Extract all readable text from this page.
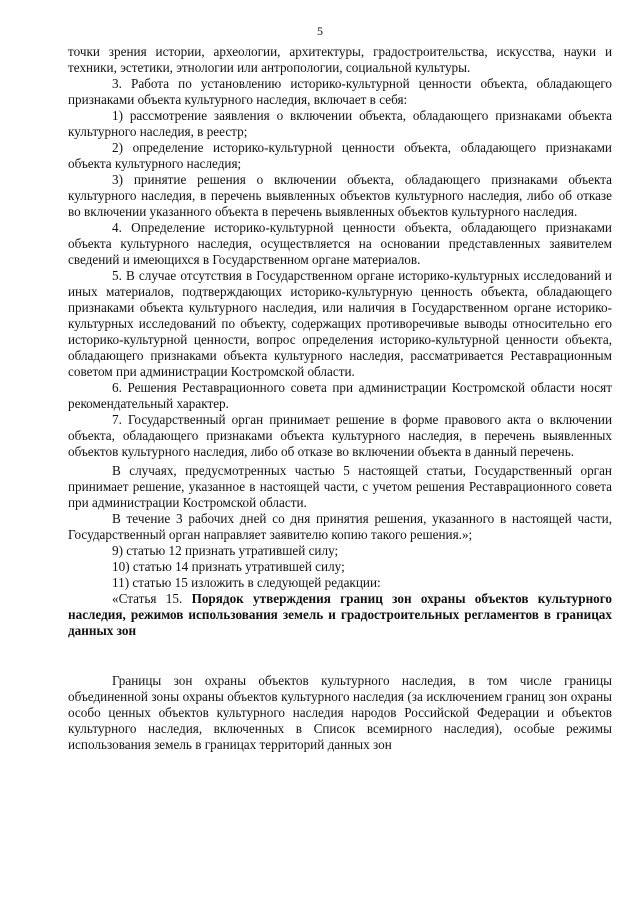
5

точки зрения истории, археологии, архитектуры, градостроительства, искусства, науки и техники, эстетики, этнологии или антропологии, социальной культуры.

3. Работа по установлению историко-культурной ценности объекта, обладающего признаками объекта культурного наследия, включает в себя:

1) рассмотрение заявления о включении объекта, обладающего признаками объекта культурного наследия, в реестр;

2) определение историко-культурной ценности объекта, обладающего признаками объекта культурного наследия;

3) принятие решения о включении объекта, обладающего признаками объекта культурного наследия, в перечень выявленных объектов культурного наследия, либо об отказе во включении указанного объекта в перечень выявленных объектов культурного наследия.

4. Определение историко-культурной ценности объекта, обладающего признаками объекта культурного наследия, осуществляется на основании представленных заявителем сведений и имеющихся в Государственном органе материалов.

5. В случае отсутствия в Государственном органе историко-культурных исследований и иных материалов, подтверждающих историко-культурную ценность объекта, обладающего признаками объекта культурного наследия, или наличия в Государственном органе историко-культурных исследований по объекту, содержащих противоречивые выводы относительно его историко-культурной ценности, вопрос определения историко-культурной ценности объекта, обладающего признаками объекта культурного наследия, рассматривается Реставрационным советом при администрации Костромской области.

6. Решения Реставрационного совета при администрации Костромской области носят рекомендательный характер.

7. Государственный орган принимает решение в форме правового акта о включении объекта, обладающего признаками объекта культурного наследия, в перечень выявленных объектов культурного наследия, либо об отказе во включении объекта в данный перечень.

В случаях, предусмотренных частью 5 настоящей статьи, Государственный орган принимает решение, указанное в настоящей части, с учетом решения Реставрационного совета при администрации Костромской области.

В течение 3 рабочих дней со дня принятия решения, указанного в настоящей части, Государственный орган направляет заявителю копию такого решения.»;

9) статью 12 признать утратившей силу;

10) статью 14 признать утратившей силу;

11) статью 15 изложить в следующей редакции:

«Статья 15. Порядок утверждения границ зон охраны объектов культурного наследия, режимов использования земель и градостроительных регламентов в границах данных зон

Границы зон охраны объектов культурного наследия, в том числе границы объединенной зоны охраны объектов культурного наследия (за исключением границ зон охраны особо ценных объектов культурного наследия народов Российской Федерации и объектов культурного наследия, включенных в Список всемирного наследия), особые режимы использования земель в границах территорий данных зон
